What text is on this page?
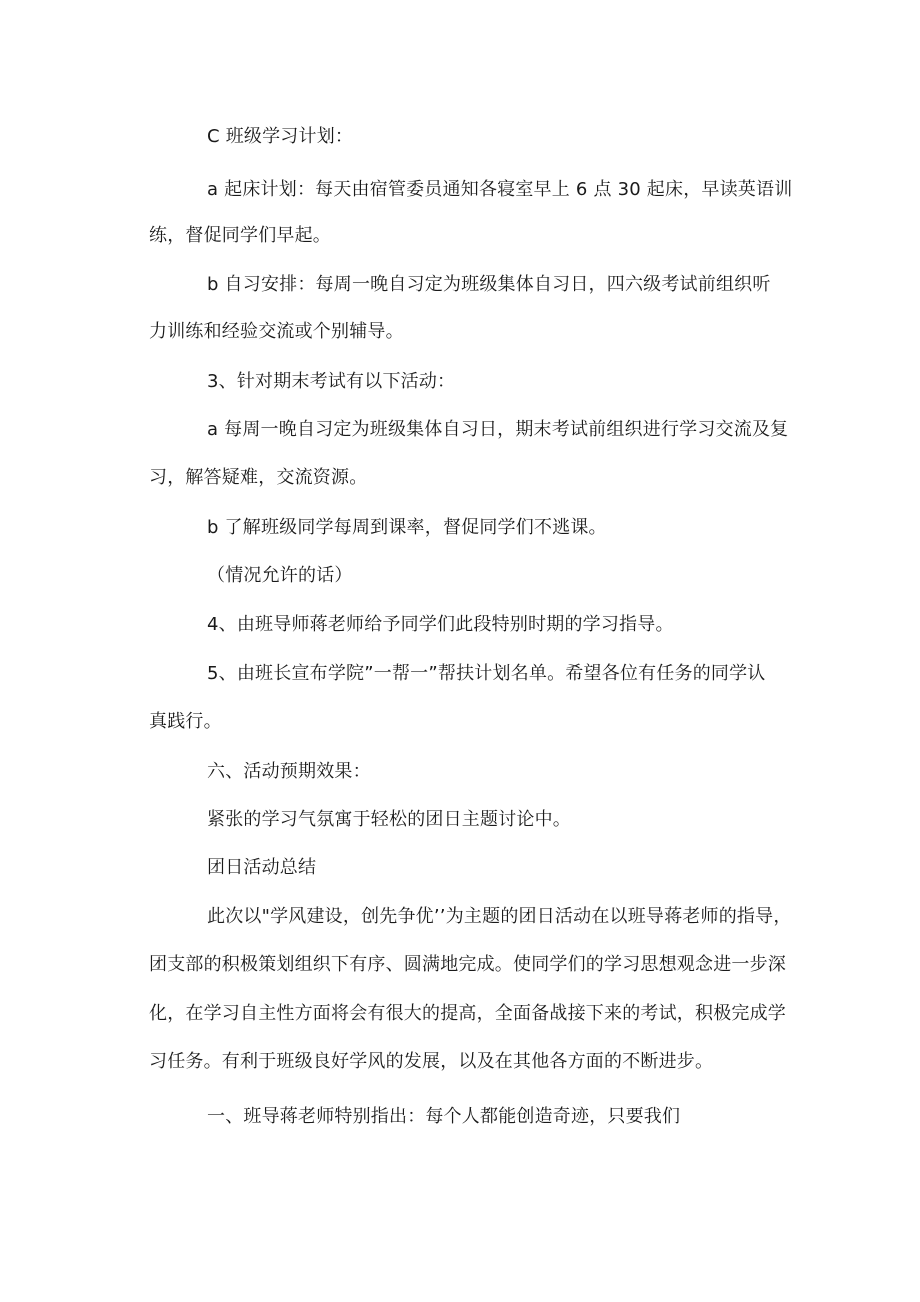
C 班级学习计划：
a 起床计划：每天由宿管委员通知各寝室早上 6 点 30 起床，早读英语训
练，督促同学们早起。
b 自习安排：每周一晚自习定为班级集体自习日，四六级考试前组织听
力训练和经验交流或个别辅导。
3、针对期末考试有以下活动：
a 每周一晚自习定为班级集体自习日，期末考试前组织进行学习交流及复
习，解答疑难，交流资源。
b 了解班级同学每周到课率，督促同学们不逃课。
（情况允许的话）
4、由班导师蒋老师给予同学们此段特别时期的学习指导。
5、由班长宣布学院”一帮一”帮扶计划名单。希望各位有任务的同学认
真践行。
六、活动预期效果：
紧张的学习气氛寓于轻松的团日主题讨论中。
团日活动总结
此次以"学风建设，创先争优’’为主题的团日活动在以班导蒋老师的指导，
团支部的积极策划组织下有序、圆满地完成。使同学们的学习思想观念进一步深
化，在学习自主性方面将会有很大的提高，全面备战接下来的考试，积极完成学
习任务。有利于班级良好学风的发展，以及在其他各方面的不断进步。
一、班导蒋老师特别指出：每个人都能创造奇迹，只要我们
